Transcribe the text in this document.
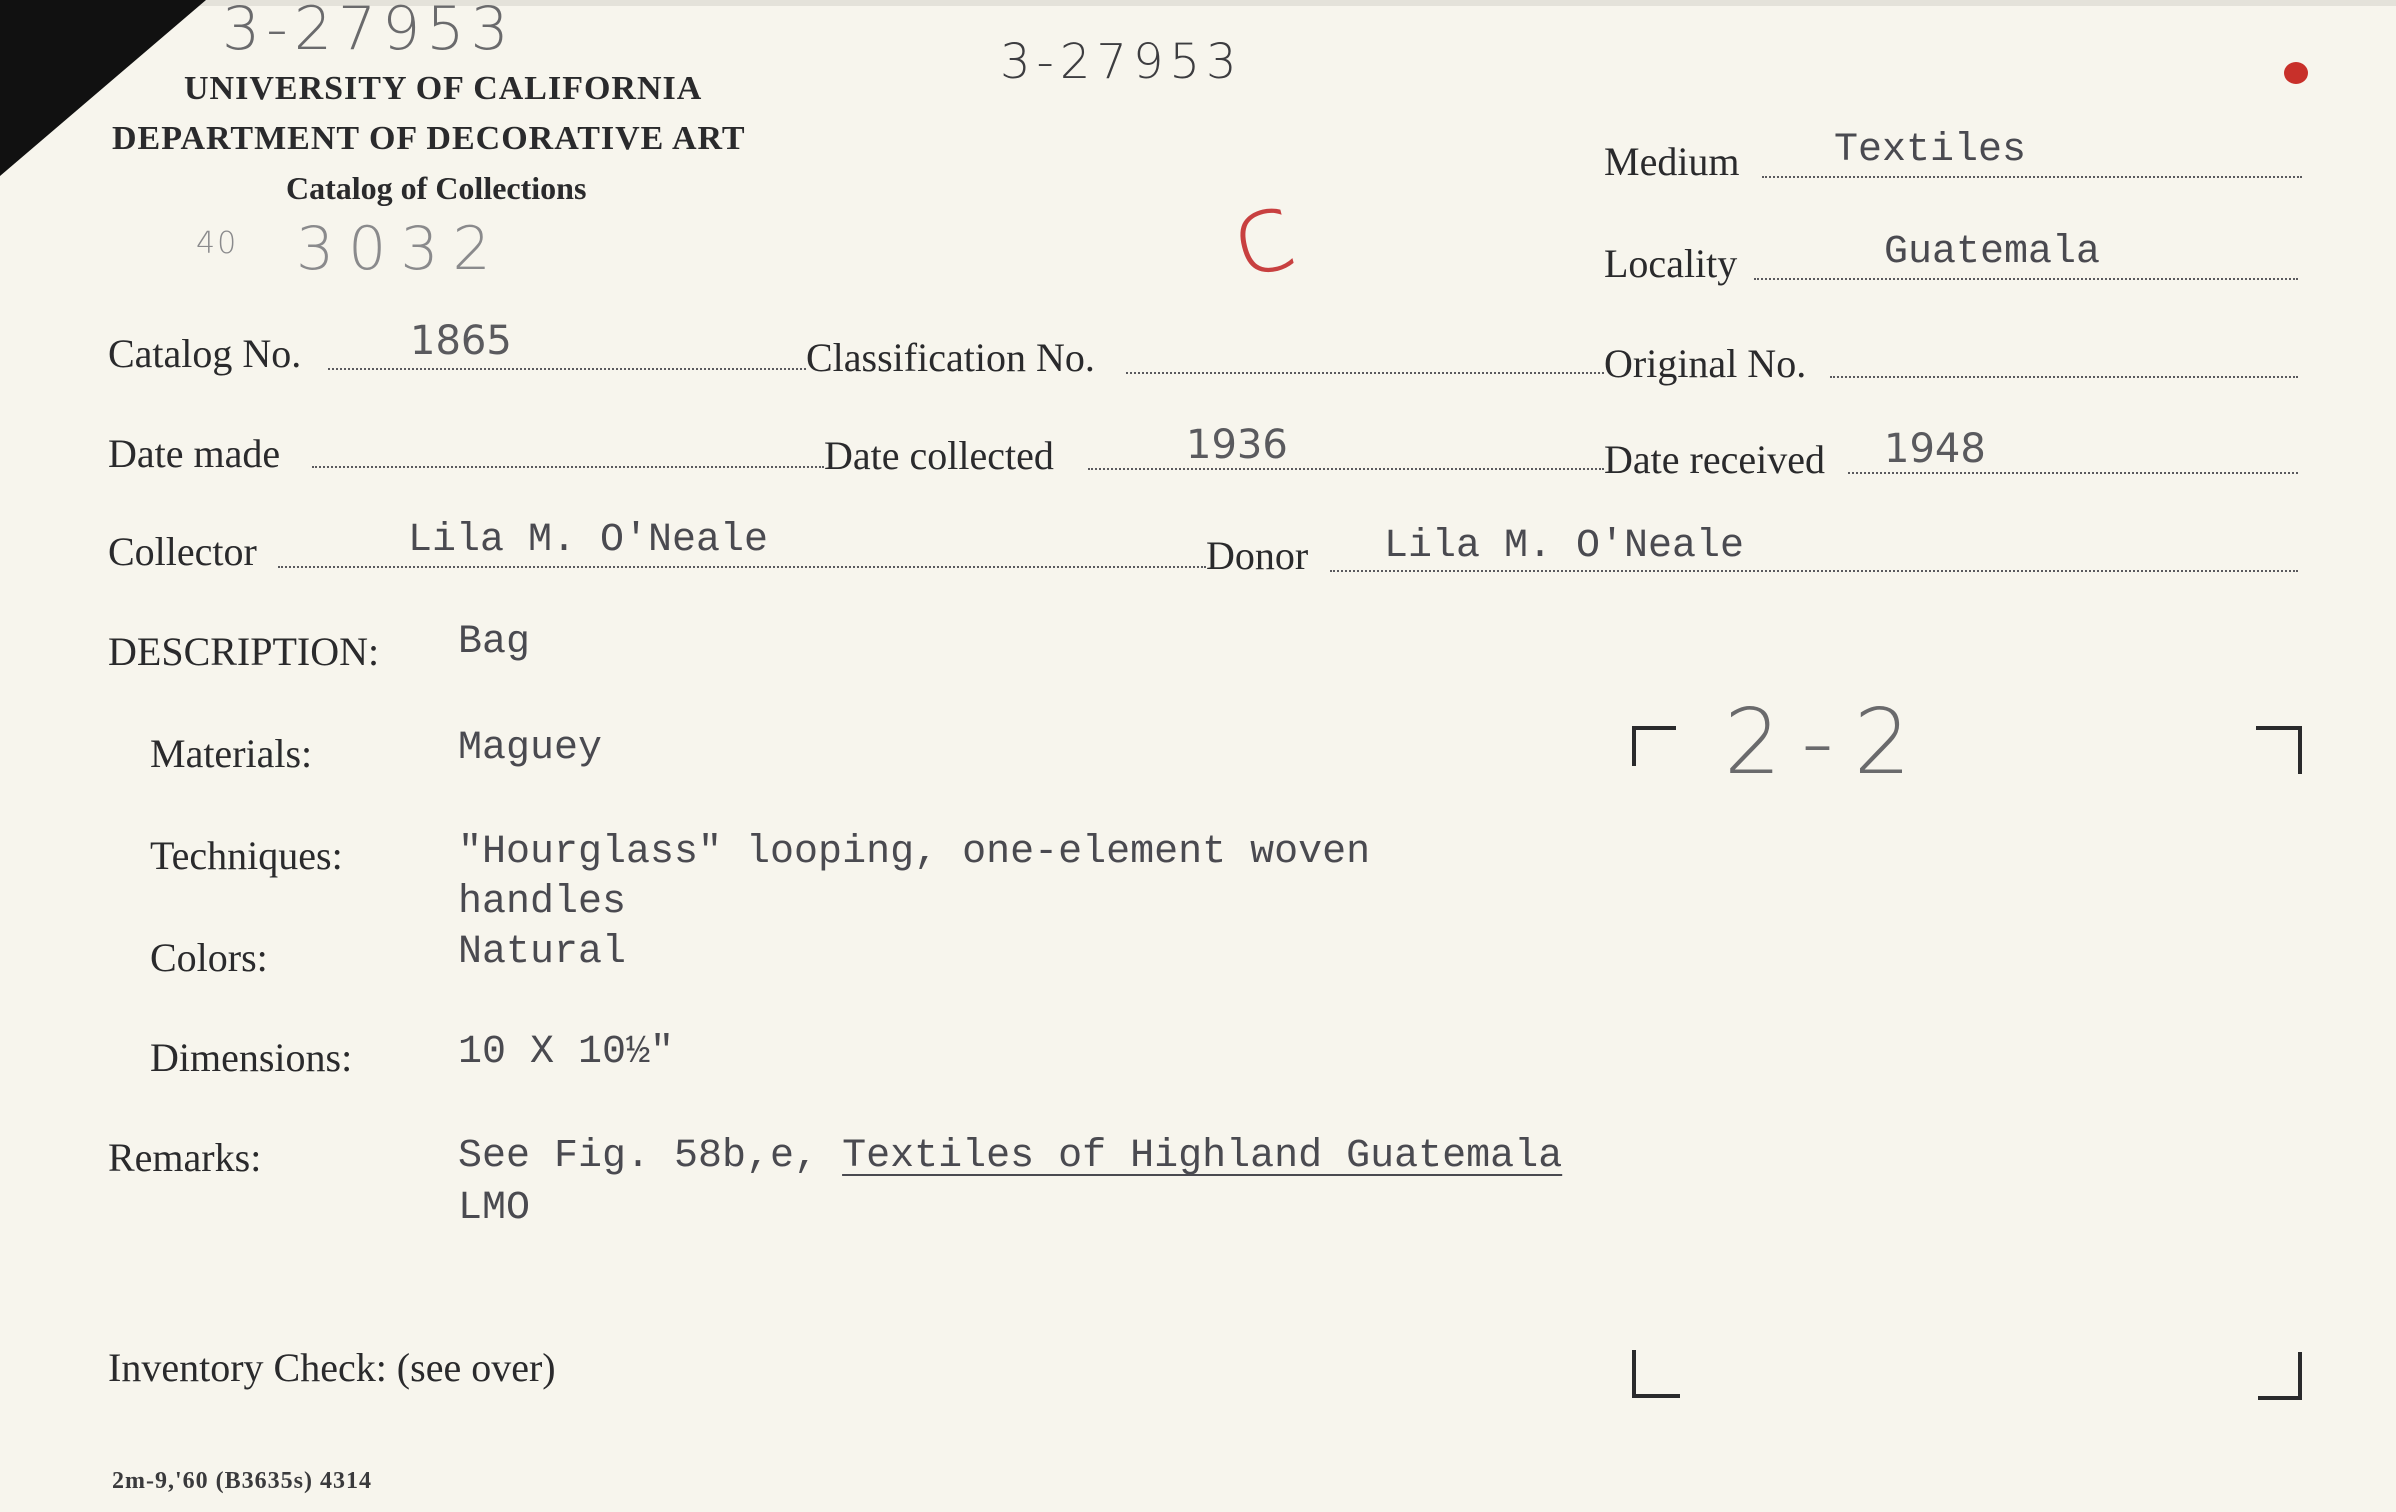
3-27953	3-27953
40 3032	c
UNIVERSITY OF CALIFORNIA
DEPARTMENT OF DECORATIVE ART
Catalog of Collections
Medium Textiles
Locality	Guatemala
Catalog No.	1865	Classification No.	Original No.
Date made	Date collected	1936	Date received 1948
Collector	Lila M. O'Neale	Donor Lila M. O'Neale
DESCRIPTION: Bag
Materials:	Maguey
Techniques:	"Hourglass" looping, one-element woven
handles
Colors:	Natural
Dimensions:	10 X 10½"
Remarks:	See Fig. 58b,e, Textiles of Highland Guatemala
LMO
2-2
Inventory Check: (see over)
2m-9,'60 (B3635s) 4314
